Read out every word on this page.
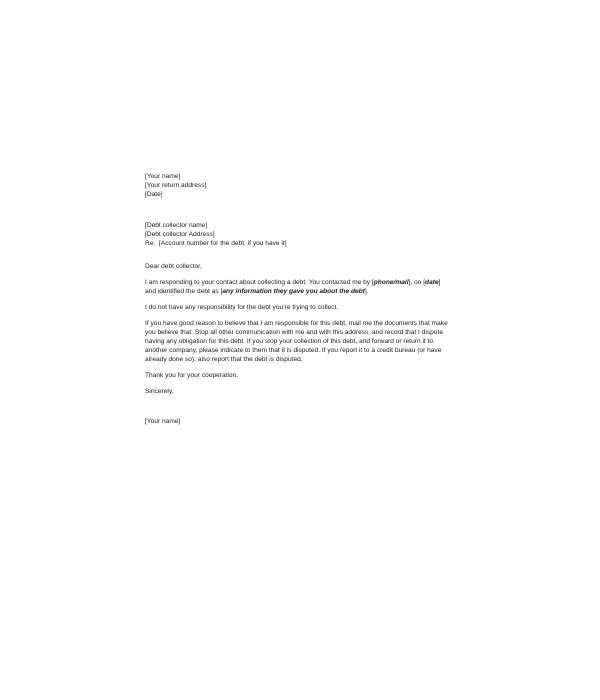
[Your name]
[Your return address]
[Date]
[Debt collector name]
[Debt collector Address]
Re: [Account number for the debt, if you have it]
Dear debt collector,
I am responding to your contact about collecting a debt. You contacted me by [phone/mail], on [date]
and identified the debt as [any information they gave you about the debt].
I do not have any responsibility for the debt you’re trying to collect.
If you have good reason to believe that I am responsible for this debt, mail me the documents that make
you believe that. Stop all other communication with me and with this address, and record that I dispute
having any obligation for this debt. If you stop your collection of this debt, and forward or return it to
another company, please indicate to them that it is disputed. If you report it to a credit bureau (or have
already done so), also report that the debt is disputed.
Thank you for your cooperation.
Sincerely,
[Your name]
